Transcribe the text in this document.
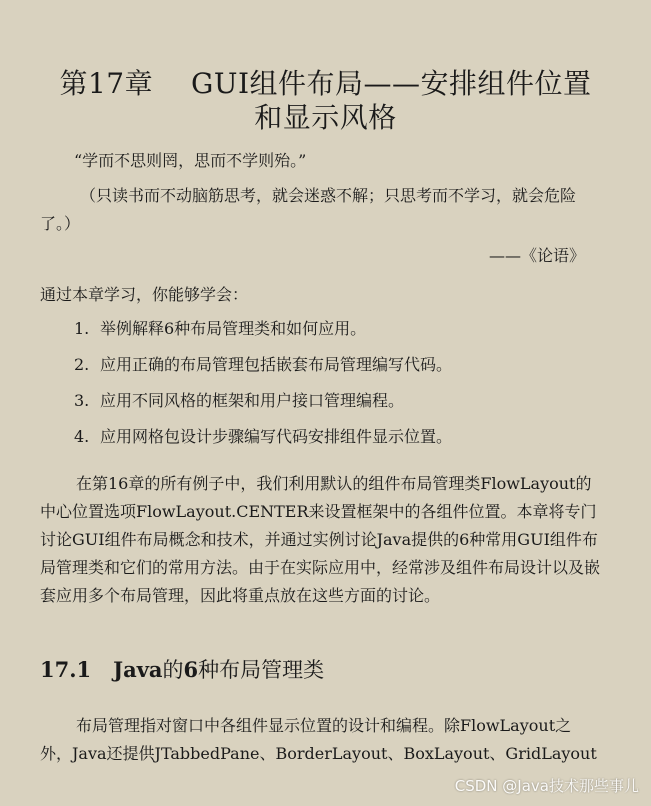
第17章　 GUI组件布局——安排组件位置
和显示风格
“学而不思则罔，思而不学则殆。”
（只读书而不动脑筋思考，就会迷惑不解；只思考而不学习，就会危险了。）
——《论语》
通过本章学习，你能够学会：
1. 举例解释6种布局管理类和如何应用。
2. 应用正确的布局管理包括嵌套布局管理编写代码。
3. 应用不同风格的框架和用户接口管理编程。
4. 应用网格包设计步骤编写代码安排组件显示位置。

在第16章的所有例子中，我们利用默认的组件布局管理类FlowLayout的中心位置选项FlowLayout.CENTER来设置框架中的各组件位置。本章将专门讨论GUI组件布局概念和技术，并通过实例讨论Java提供的6种常用GUI组件布局管理类和它们的常用方法。由于在实际应用中，经常涉及组件布局设计以及嵌套应用多个布局管理，因此将重点放在这些方面的讨论。

17.1 Java的6种布局管理类

布局管理指对窗口中各组件显示位置的设计和编程。除FlowLayout之外，Java还提供JTabbedPane、BorderLayout、BoxLayout、GridLayout

CSDN @Java技术那些事儿
